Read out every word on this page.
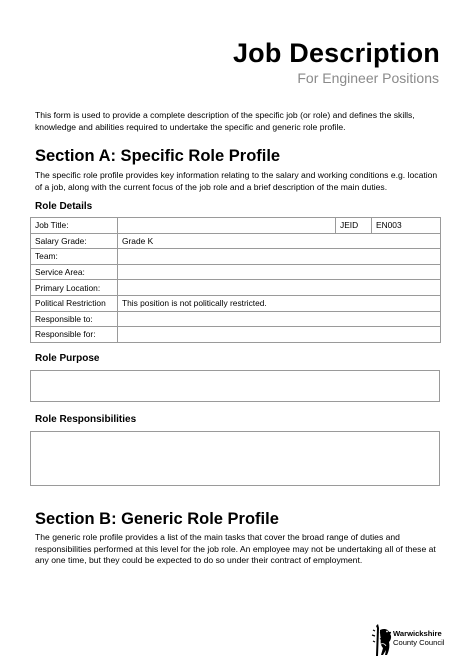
Job Description
For Engineer Positions
This form is used to provide a complete description of the specific job (or role) and defines the skills, knowledge and abilities required to undertake the specific and generic role profile.
Section A: Specific Role Profile
The specific role profile provides key information relating to the salary and working conditions e.g. location of a job, along with the current focus of the job role and a brief description of the main duties.
Role Details
Job Title:		JEID	EN003
Salary Grade:	Grade K		
Team:			
Service Area:			
Primary Location:			
Political Restriction	This position is not politically restricted.		
Responsible to:			
Responsible for:			
Role Purpose
Role Responsibilities
Section B: Generic Role Profile
The generic role profile provides a list of the main tasks that cover the broad range of duties and responsibilities performed at this level for the job role. An employee may not be undertaking all of these at any one time, but they could be expected to do so under their contract of employment.
Warwickshire
County Council
